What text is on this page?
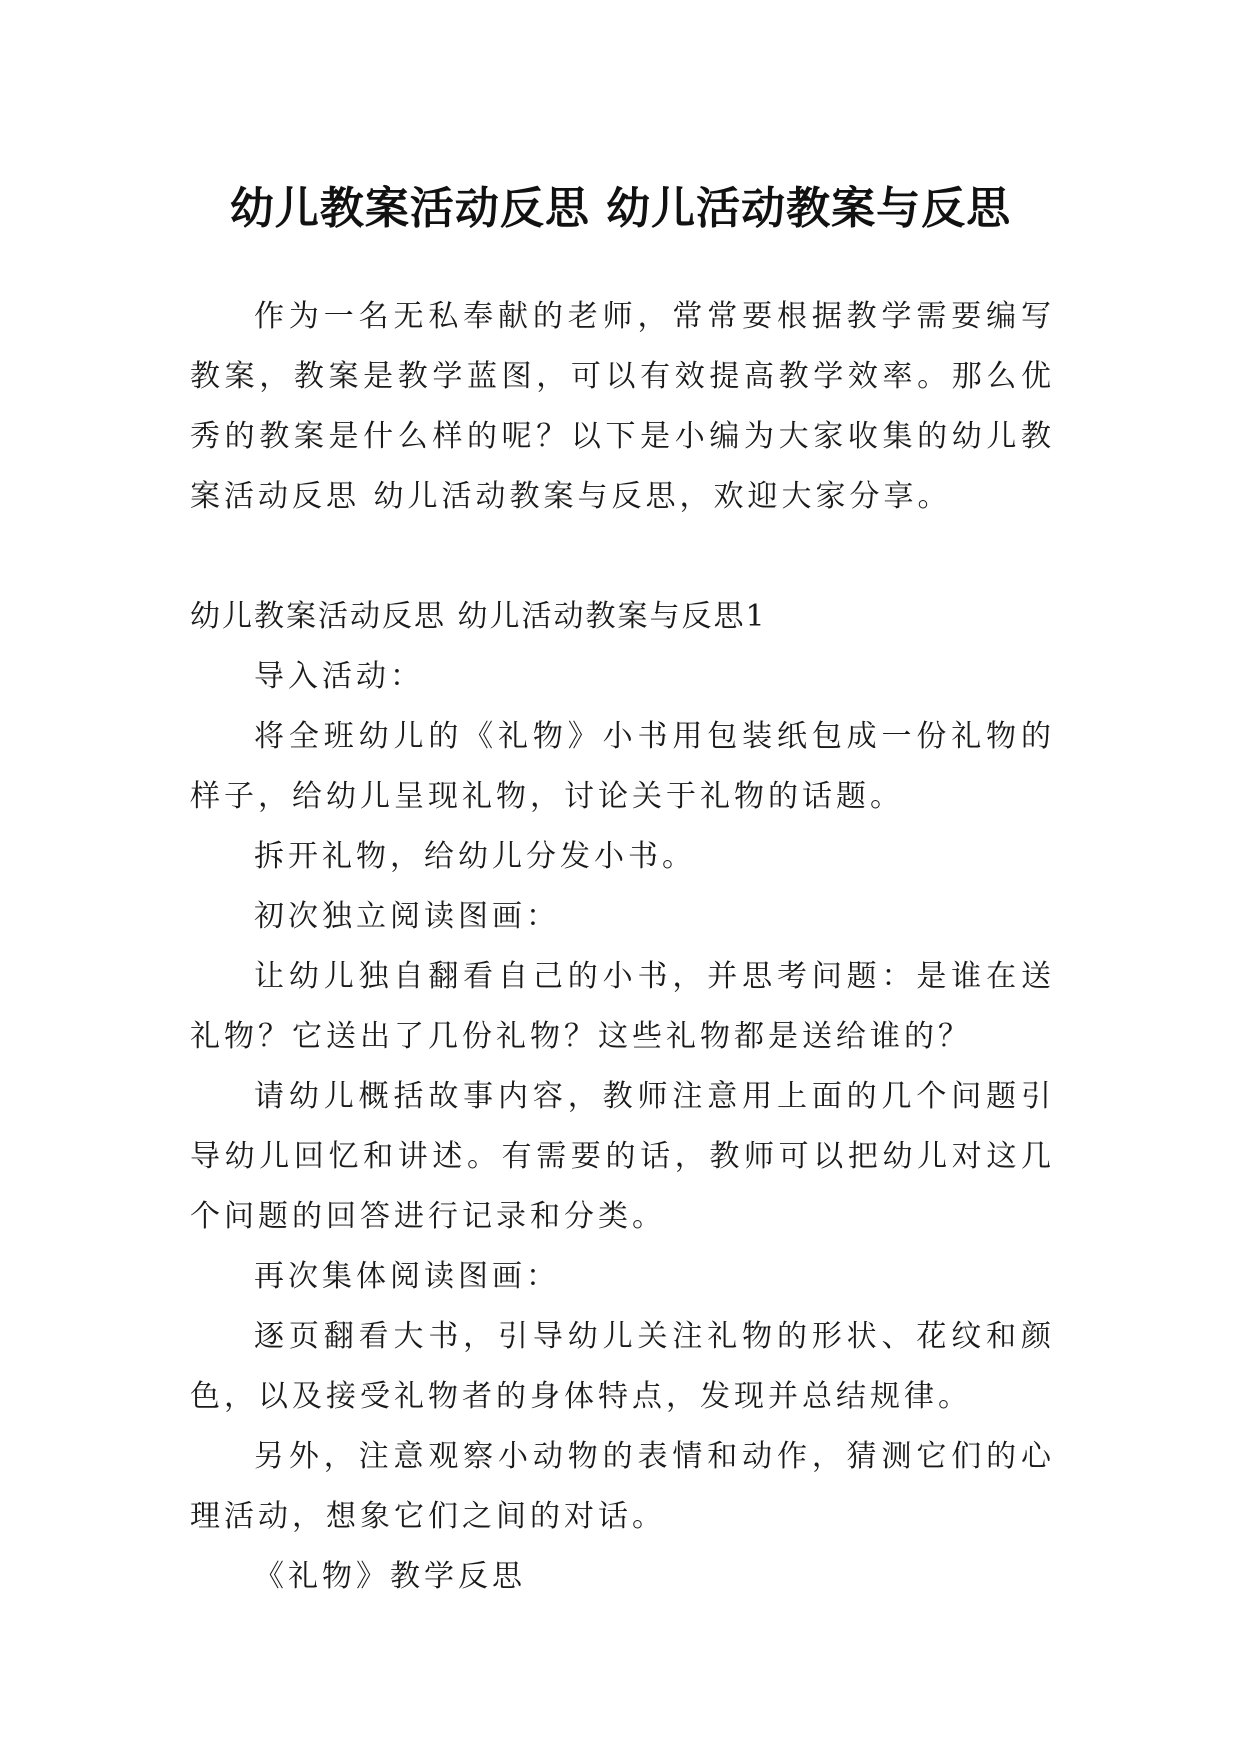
幼儿教案活动反思 幼儿活动教案与反思

作为一名无私奉献的老师，常常要根据教学需要编写教案，教案是教学蓝图，可以有效提高教学效率。那么优秀的教案是什么样的呢？以下是小编为大家收集的幼儿教案活动反思 幼儿活动教案与反思，欢迎大家分享。

幼儿教案活动反思 幼儿活动教案与反思1

导入活动：

将全班幼儿的《礼物》小书用包装纸包成一份礼物的样子，给幼儿呈现礼物，讨论关于礼物的话题。

拆开礼物，给幼儿分发小书。

初次独立阅读图画：

让幼儿独自翻看自己的小书，并思考问题：是谁在送礼物？它送出了几份礼物？这些礼物都是送给谁的？

请幼儿概括故事内容，教师注意用上面的几个问题引导幼儿回忆和讲述。有需要的话，教师可以把幼儿对这几个问题的回答进行记录和分类。

再次集体阅读图画：

逐页翻看大书，引导幼儿关注礼物的形状、花纹和颜色，以及接受礼物者的身体特点，发现并总结规律。

另外，注意观察小动物的表情和动作，猜测它们的心理活动，想象它们之间的对话。

《礼物》教学反思
